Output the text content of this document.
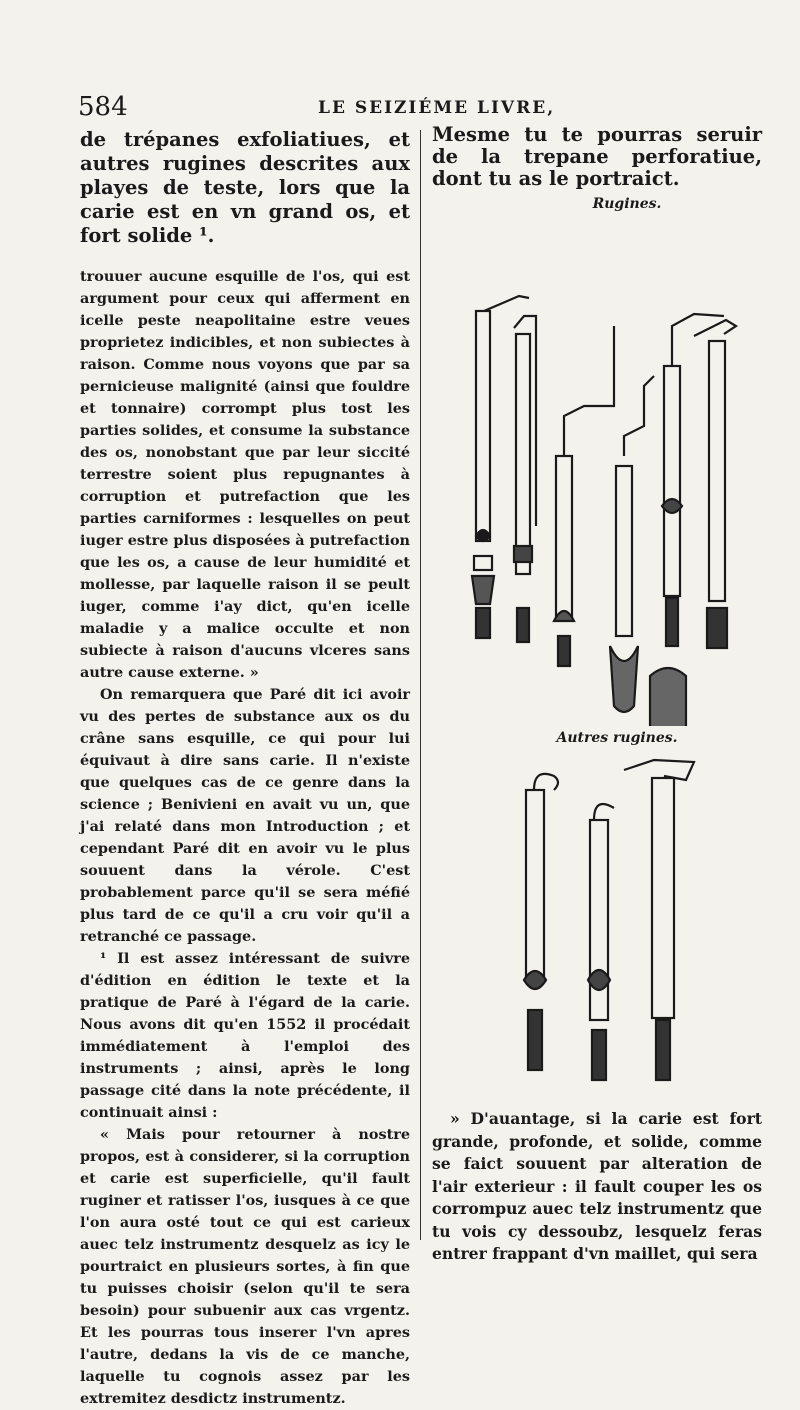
584	LE SEIZIÉME LIVRE,

de trépanes exfoliatiues, et autres rugines descrites aux playes de teste, lors que la carie est en vn grand os, et fort solide ¹.

trouuer aucune esquille de l'os, qui est argument pour ceux qui afferment en icelle peste neapolitaine estre veues proprietez indicibles, et non subiectes à raison. Comme nous voyons que par sa pernicieuse malignité (ainsi que fouldre et tonnaire) corrompt plus tost les parties solides, et consume la substance des os, nonobstant que par leur siccité terrestre soient plus repugnantes à corruption et putrefaction que les parties carniformes : lesquelles on peut iuger estre plus disposées à putrefaction que les os, a cause de leur humidité et mollesse, par laquelle raison il se peult iuger, comme i'ay dict, qu'en icelle maladie y a malice occulte et non subiecte à raison d'aucuns vlceres sans autre cause externe. »

On remarquera que Paré dit ici avoir vu des pertes de substance aux os du crâne sans esquille, ce qui pour lui équivaut à dire sans carie. Il n'existe que quelques cas de ce genre dans la science ; Benivieni en avait vu un, que j'ai relaté dans mon Introduction ; et cependant Paré dit en avoir vu le plus souuent dans la vérole. C'est probablement parce qu'il se sera méfié plus tard de ce qu'il a cru voir qu'il a retranché ce passage.

¹ Il est assez intéressant de suivre d'édition en édition le texte et la pratique de Paré à l'égard de la carie. Nous avons dit qu'en 1552 il procédait immédiatement à l'emploi des instruments ; ainsi, après le long passage cité dans la note précédente, il continuait ainsi :

« Mais pour retourner à nostre propos, est à considerer, si la corruption et carie est superficielle, qu'il fault ruginer et ratisser l'os, iusques à ce que l'on aura osté tout ce qui est carieux auec telz instrumentz desquelz as icy le pourtraict en plusieurs sortes, à fin que tu puisses choisir (selon qu'il te sera besoin) pour subuenir aux cas vrgentz. Et les pourras tous inserer l'vn apres l'autre, dedans la vis de ce manche, laquelle tu cognois assez par les extremitez desdictz instrumentz.

Mesme tu te pourras seruir de la trepane perforatiue, dont tu as le portraict.

Rugines.
Autres rugines.

» D'auantage, si la carie est fort grande, profonde, et solide, comme se faict souuent par alteration de l'air exterieur : il fault couper les os corrompuz auec telz instrumentz que tu vois cy dessoubz, lesquelz feras entrer frappant d'vn maillet, qui sera
